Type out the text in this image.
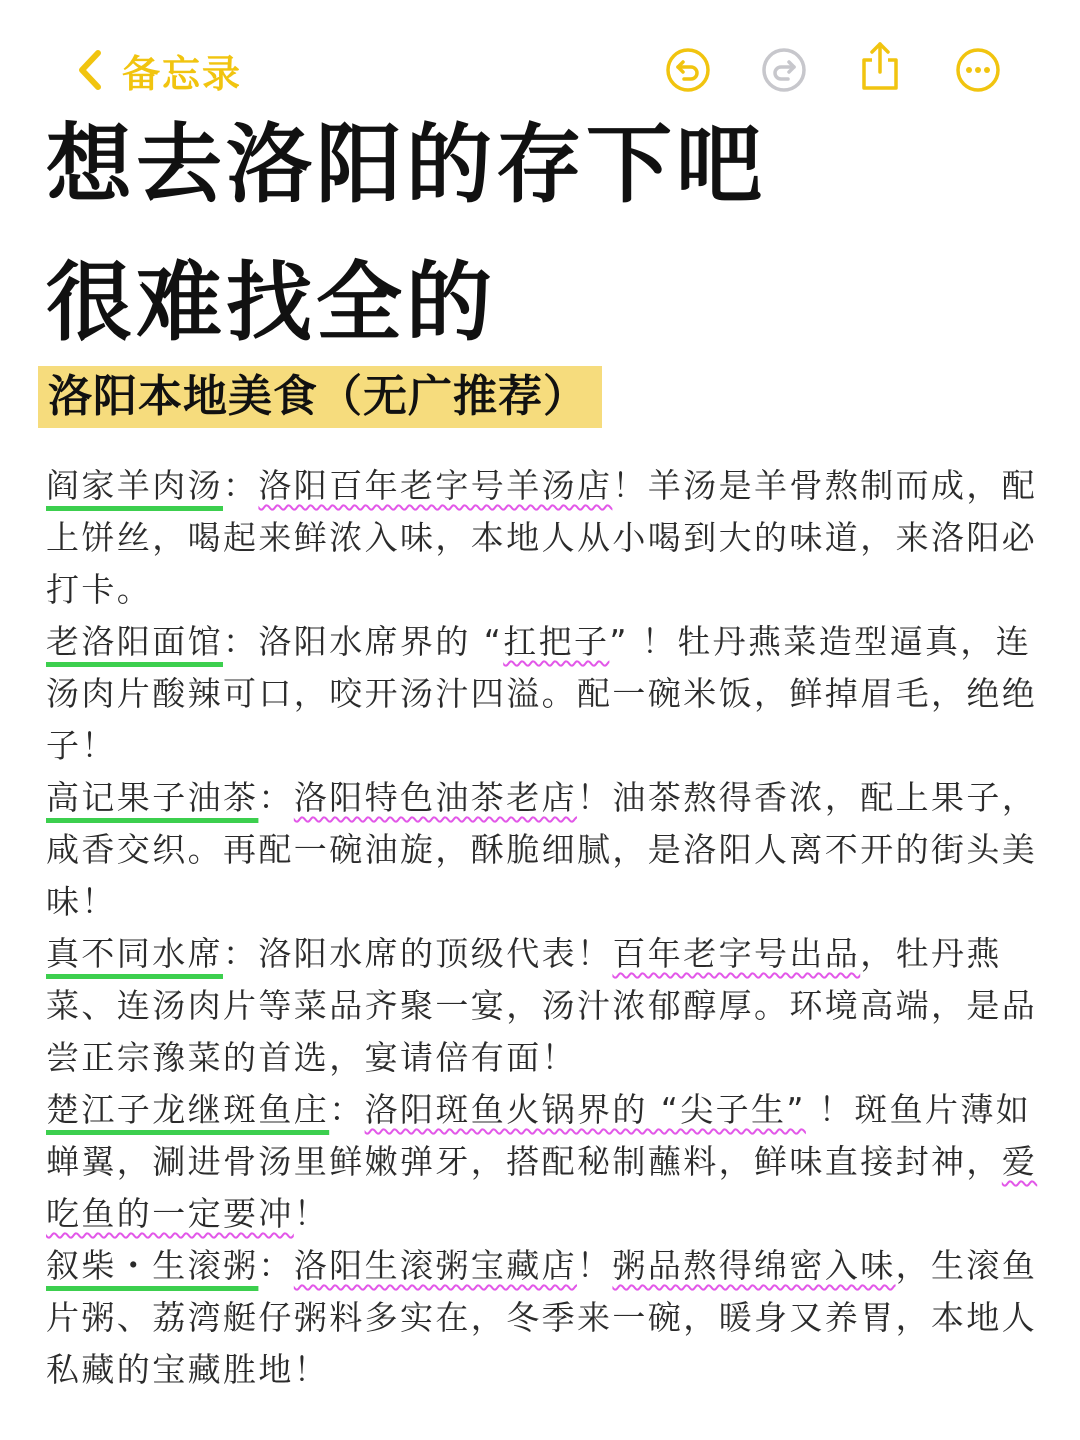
备忘录
想去洛阳的存下吧
很难找全的
洛阳本地美食（无广推荐）

阎家羊肉汤：洛阳百年老字号羊汤店！羊汤是羊骨熬制而成，配上饼丝，喝起来鲜浓入味，本地人从小喝到大的味道，来洛阳必打卡。

老洛阳面馆：洛阳水席界的 “扛把子” ！牡丹燕菜造型逼真，连汤肉片酸辣可口，咬开汤汁四溢。配一碗米饭，鲜掉眉毛，绝绝子！

高记果子油茶：洛阳特色油茶老店！油茶熬得香浓，配上果子，咸香交织。再配一碗油旋，酥脆细腻，是洛阳人离不开的街头美味！

真不同水席：洛阳水席的顶级代表！百年老字号出品，牡丹燕菜、连汤肉片等菜品齐聚一宴，汤汁浓郁醇厚。环境高端，是品尝正宗豫菜的首选，宴请倍有面！

楚江子龙继斑鱼庄：洛阳斑鱼火锅界的 “尖子生” ！斑鱼片薄如蝉翼，涮进骨汤里鲜嫩弹牙，搭配秘制蘸料，鲜味直接封神，爱吃鱼的一定要冲！

叙柴・生滚粥：洛阳生滚粥宝藏店！粥品熬得绵密入味，生滚鱼片粥、荔湾艇仔粥料多实在，冬季来一碗，暖身又养胃，本地人私藏的宝藏胜地！
